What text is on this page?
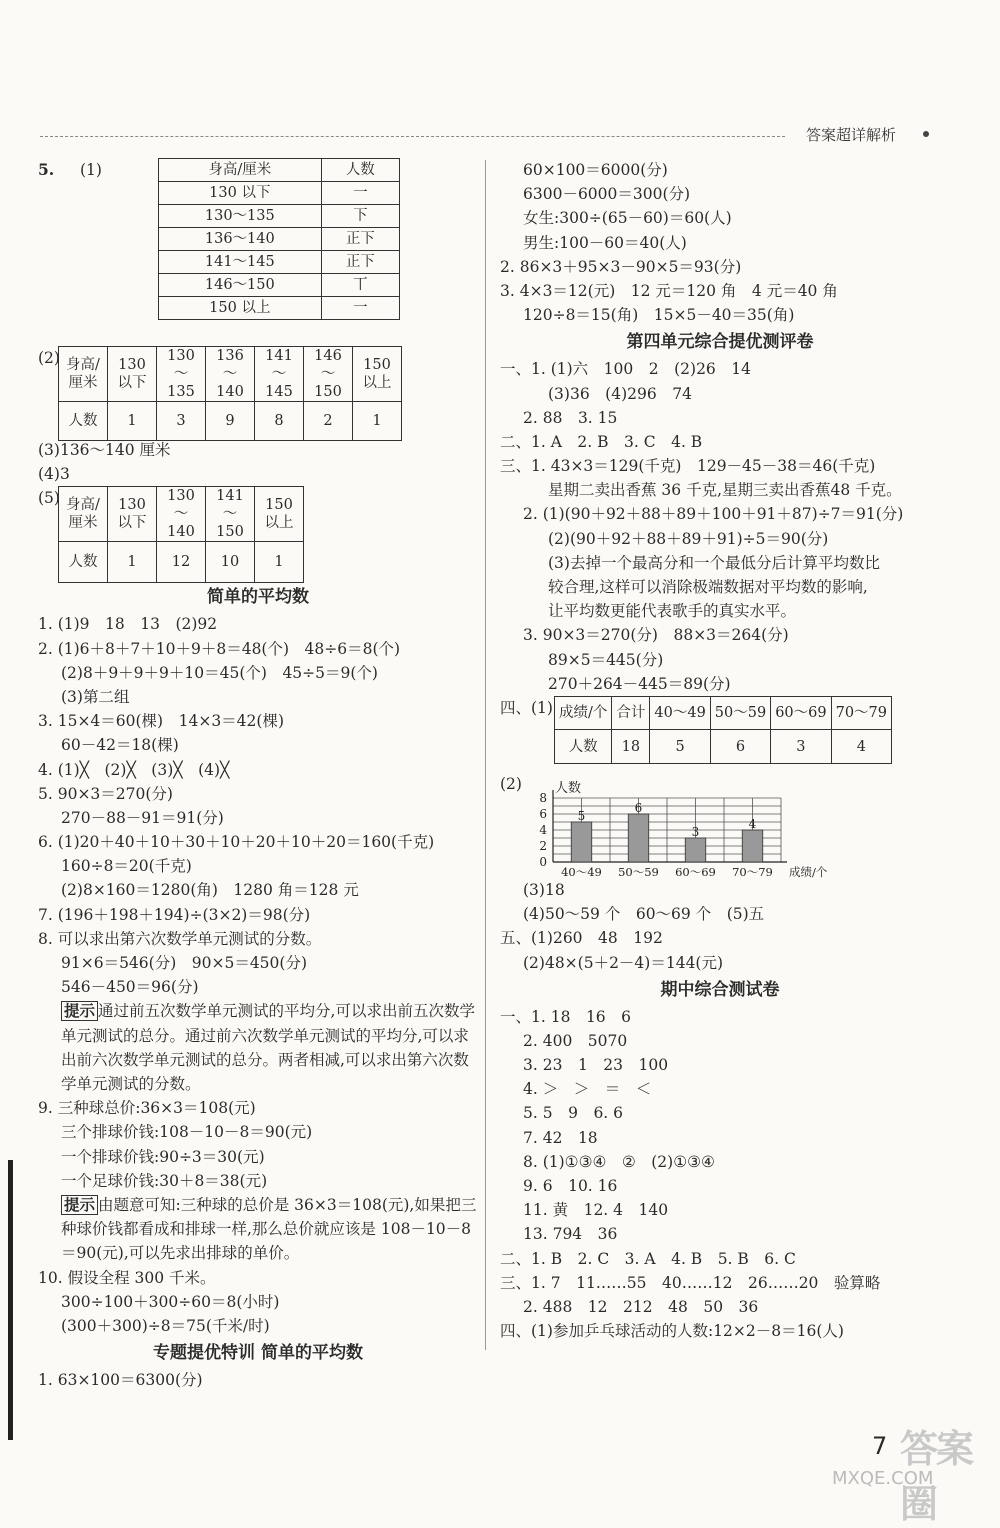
答案超详解析
5.	(1)	身高/厘米	人数
130 以下	一
130～135	下
136～140	正下
141～145	正下
146～150	丅
150 以上	一
(2) 身高/厘米	130以下	130～135	136～140	141～145	146～150	150以上
人数	1	3	9	8	2	1
(3)136～140 厘米
(4)3
(5) 身高/厘米	130以下	130～140	141～150	150以上
人数	1	12	10	1
简单的平均数
1. (1)9　18　13　(2)92
2. (1)6＋8＋7＋10＋9＋8＝48(个)　48÷6＝8(个)
(2)8＋9＋9＋9＋10＝45(个)　45÷5＝9(个)
(3)第二组
3. 15×4＝60(棵)　14×3＝42(棵)
60－42＝18(棵)
4. (1)╳　(2)╳　(3)╳　(4)╳
5. 90×3＝270(分)
270－88－91＝91(分)
6. (1)20＋40＋10＋30＋10＋20＋10＋20＝160(千克)
160÷8＝20(千克)
(2)8×160＝1280(角)　1280 角＝128 元
7. (196＋198＋194)÷(3×2)＝98(分)
8. 可以求出第六次数学单元测试的分数。
91×6＝546(分)　90×5＝450(分)
546－450＝96(分)
提示 通过前五次数学单元测试的平均分,可以求出前五次数学单元测试的总分。通过前六次数学单元测试的平均分,可以求出前六次数学单元测试的总分。两者相减,可以求出第六次数学单元测试的分数。
9. 三种球总价:36×3＝108(元)
三个排球价钱:108－10－8＝90(元)
一个排球价钱:90÷3＝30(元)
一个足球价钱:30＋8＝38(元)
提示 由题意可知:三种球的总价是 36×3＝108(元),如果把三种球价钱都看成和排球一样,那么总价就应该是 108－10－8＝90(元),可以先求出排球的单价。
10. 假设全程 300 千米。
300÷100＋300÷60＝8(小时)
(300＋300)÷8＝75(千米/时)
专题提优特训 简单的平均数
1. 63×100＝6300(分)
60×100＝6000(分)
6300－6000＝300(分)
女生:300÷(65－60)＝60(人)
男生:100－60＝40(人)
2. 86×3＋95×3－90×5＝93(分)
3. 4×3＝12(元)　12 元＝120 角　4 元＝40 角
120÷8＝15(角)　15×5－40＝35(角)
第四单元综合提优测评卷
一、1. (1)六　100　2　(2)26　14
(3)36　(4)296　74
2. 88　3. 15
二、1. A　2. B　3. C　4. B
三、1. 43×3＝129(千克)　129－45－38＝46(千克)
星期二卖出香蕉 36 千克,星期三卖出香蕉48 千克。
2. (1)(90＋92＋88＋89＋100＋91＋87)÷7＝91(分)
(2)(90＋92＋88＋89＋91)÷5＝90(分)
(3)去掉一个最高分和一个最低分后计算平均数比
较合理,这样可以消除极端数据对平均数的影响,
让平均数更能代表歌手的真实水平。
3. 90×3＝270(分)　88×3＝264(分)
89×5＝445(分)
270＋264－445＝89(分)
四、(1) 成绩/个	合计	40～49	50～59	60～69	70～79
人数	18	5	6	3	4
(2)
0
2
4
6
8
人数
5
40～49
6
50～59
3
60～69
4
70～79 成绩/个
(3)18
(4)50～59 个　60～69 个　(5)五
五、(1)260　48　192
(2)48×(5＋2－4)＝144(元)
期中综合测试卷
一、1. 18　16　6
2. 400　5070
3. 23　1　23　100
4. ＞　＞　＝　＜
5. 5　9　6. 6
7. 42　18
8. (1)①③④　②　(2)①③④
9. 6　10. 16
11. 黄　12. 4　140
13. 794　36
二、1. B　2. C　3. A　4. B　5. B　6. C
三、1. 7　11……55　40……12　26……20　验算略
2. 488　12　212　48　50　36
四、(1)参加乒乓球活动的人数:12×2－8＝16(人)
7 答案圈
MXQE.COM
